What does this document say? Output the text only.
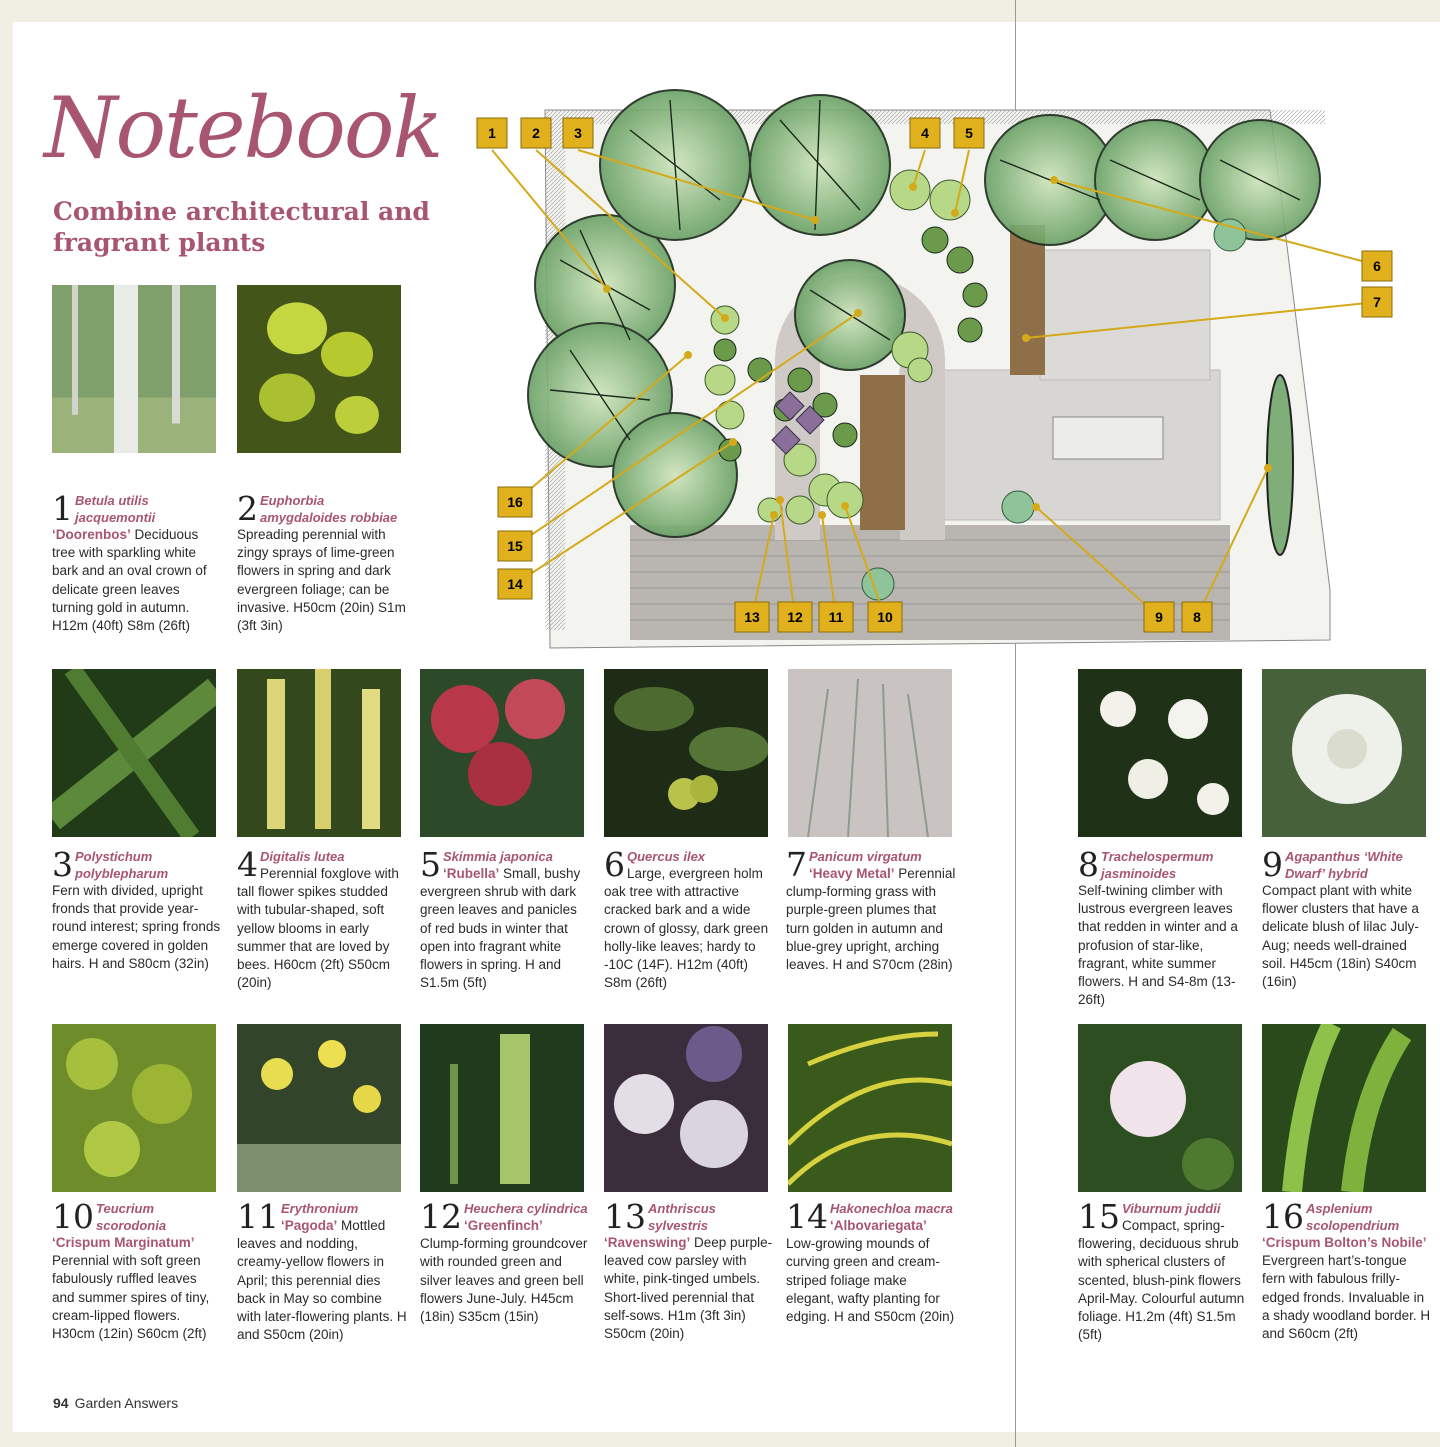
Notebook
Combine architectural and fragrant plants
1	2 3	4	5
6
7
8
9
10
11
12
13
14
15
16
1 Betula utilis jacquemontii
‘Doorenbos’ Deciduous tree with sparkling white bark and an oval crown of delicate green leaves turning gold in autumn. H12m (40ft) S8m (26ft)
2 Euphorbia amygdaloides robbiae
Spreading perennial with zingy sprays of lime-green flowers in spring and dark evergreen foliage; can be invasive. H50cm (20in) S1m (3ft 3in)
3 Polystichum polyblepharum
Fern with divided, upright fronds that provide year-round interest; spring fronds emerge covered in golden hairs. H and S80cm (32in)
4 Digitalis lutea
Perennial foxglove with tall flower spikes studded with tubular-shaped, soft yellow blooms in early summer that are loved by bees. H60cm (2ft) S50cm (20in)
5 Skimmia japonica
‘Rubella’ Small, bushy evergreen shrub with dark green leaves and panicles of red buds in winter that open into fragrant white flowers in spring. H and S1.5m (5ft)
6 Quercus ilex
Large, evergreen holm oak tree with attractive cracked bark and a wide crown of glossy, dark green holly-like leaves; hardy to -10C (14F). H12m (40ft) S8m (26ft)
7 Panicum virgatum
‘Heavy Metal’ Perennial clump-forming grass with purple-green plumes that turn golden in autumn and blue-grey upright, arching leaves. H and S70cm (28in)
8 Trachelospermum jasminoides
Self-twining climber with lustrous evergreen leaves that redden in winter and a profusion of star-like, fragrant, white summer flowers. H and S4-8m (13-26ft)
9 Agapanthus ‘White Dwarf’ hybrid
Compact plant with white flower clusters that have a delicate blush of lilac July-Aug; needs well-drained soil. H45cm (18in) S40cm (16in)
10 Teucrium scorodonia
‘Crispum Marginatum’ Perennial with soft green fabulously ruffled leaves and summer spires of tiny, cream-lipped flowers. H30cm (12in) S60cm (2ft)
11 Erythronium
‘Pagoda’ Mottled leaves and nodding, creamy-yellow flowers in April; this perennial dies back in May so combine with later-flowering plants. H and S50cm (20in)
12 Heuchera cylindrica
‘Greenfinch’ Clump-forming groundcover with rounded green and silver leaves and green bell flowers June-July. H45cm (18in) S35cm (15in)
13 Anthriscus sylvestris
‘Ravenswing’ Deep purple-leaved cow parsley with white, pink-tinged umbels. Short-lived perennial that self-sows. H1m (3ft 3in) S50cm (20in)
14 Hakonechloa macra
‘Albovariegata’ Low-growing mounds of curving green and cream-striped foliage make elegant, wafty planting for edging. H and S50cm (20in)
15 Viburnum juddii
Compact, spring-flowering, deciduous shrub with spherical clusters of scented, blush-pink flowers April-May. Colourful autumn foliage. H1.2m (4ft) S1.5m (5ft)
16 Asplenium scolopendrium
‘Crispum Bolton’s Nobile’ Evergreen hart’s-tongue fern with fabulous frilly-edged fronds. Invaluable in a shady woodland border. H and S60cm (2ft)
94 Garden Answers
